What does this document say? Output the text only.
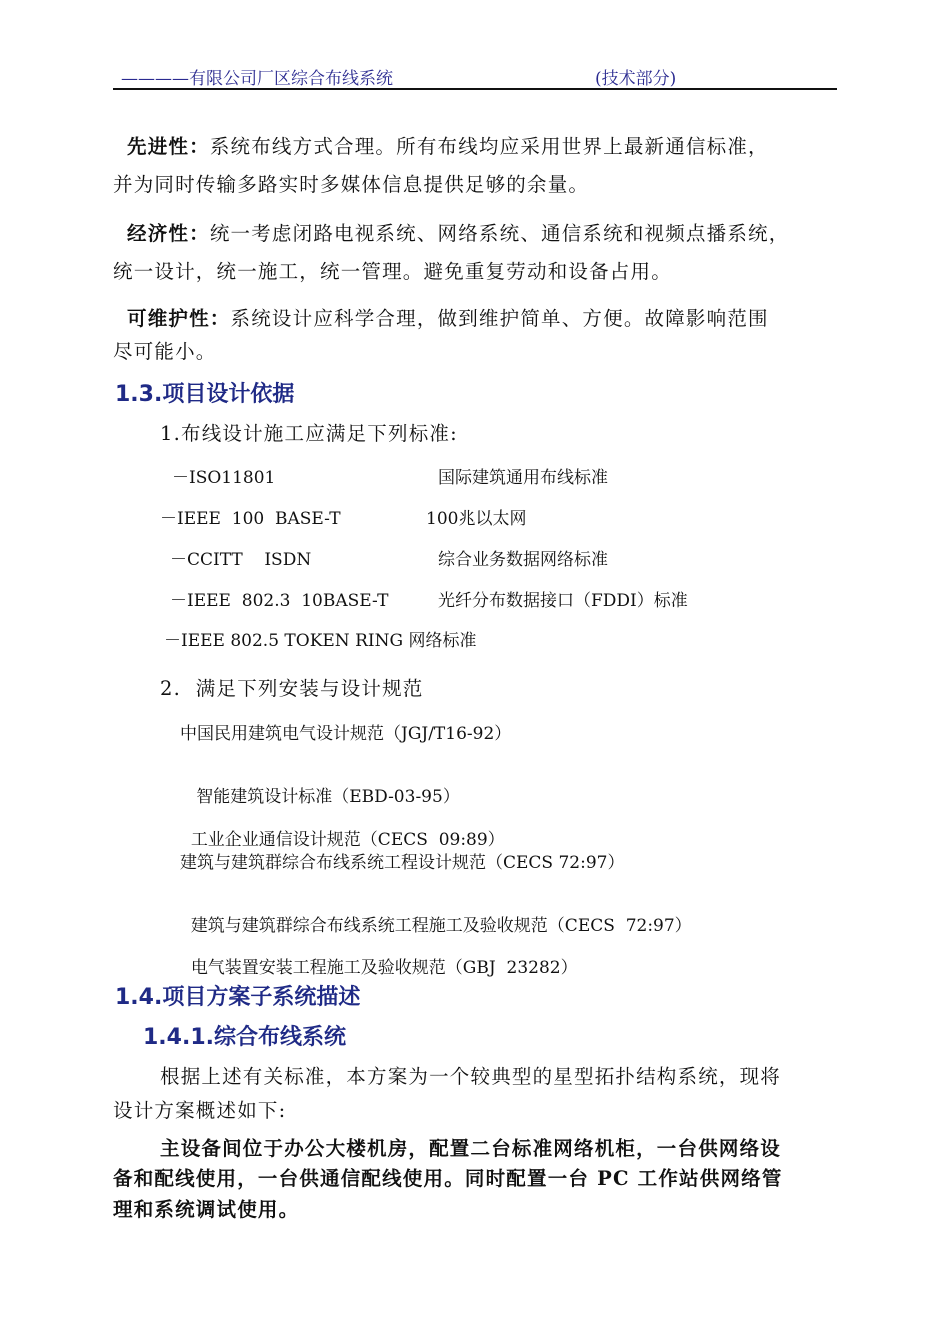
————有限公司厂区综合布线系统	(技术部分)
先进性：系统布线方式合理。所有布线均应采用世界上最新通信标准，
并为同时传输多路实时多媒体信息提供足够的余量。
经济性：统一考虑闭路电视系统、网络系统、通信系统和视频点播系统，
统一设计，统一施工，统一管理。避免重复劳动和设备占用。
可维护性：系统设计应科学合理，做到维护简单、方便。故障影响范围
尽可能小。
1.3.项目设计依据
1.布线设计施工应满足下列标准:
－ISO11801	国际建筑通用布线标准
－IEEE  100  BASE-T	100兆以太网
－CCITT    ISDN	综合业务数据网络标准
－IEEE  802.3  10BASE-T	光纤分布数据接口（FDDI）标准
－IEEE 802.5 TOKEN RING 网络标准
2.  满足下列安装与设计规范
中国民用建筑电气设计规范（JGJ/T16-92）

智能建筑设计标准（EBD-03-95）

工业企业通信设计规范（CECS  09:89）

建筑与建筑群综合布线系统工程设计规范（CECS 72:97）

建筑与建筑群综合布线系统工程施工及验收规范（CECS  72:97）

电气装置安装工程施工及验收规范（GBJ  23282）

1.4.项目方案子系统描述
1.4.1.综合布线系统
根据上述有关标准，本方案为一个较典型的星型拓扑结构系统，现将
设计方案概述如下:
主设备间位于办公大楼机房，配置二台标准网络机柜，一台供网络设
备和配线使用，一台供通信配线使用。同时配置一台 PC 工作站供网络管
理和系统调试使用。
